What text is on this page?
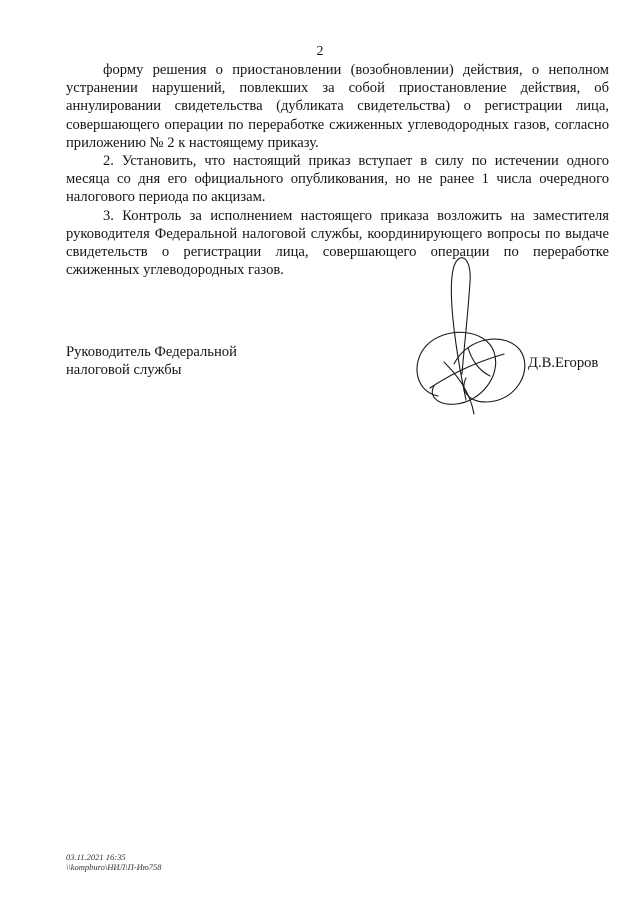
2

форму решения о приостановлении (возобновлении) действия, о неполном устранении нарушений, повлекших за собой приостановление действия, об аннулировании свидетельства (дубликата свидетельства) о регистрации лица, совершающего операции по переработке сжиженных углеводородных газов, согласно приложению № 2 к настоящему приказу.

2. Установить, что настоящий приказ вступает в силу по истечении одного месяца со дня его официального опубликования, но не ранее 1 числа очередного налогового периода по акцизам.

3. Контроль за исполнением настоящего приказа возложить на заместителя руководителя Федеральной налоговой службы, координирующего вопросы по выдаче свидетельств о регистрации лица, совершающего операции по переработке сжиженных углеводородных газов.

Руководитель Федеральной
налоговой службы	Д.В.Егоров
03.11.2021 16:35
\\kompburo\НИЛ\П-Ию758
